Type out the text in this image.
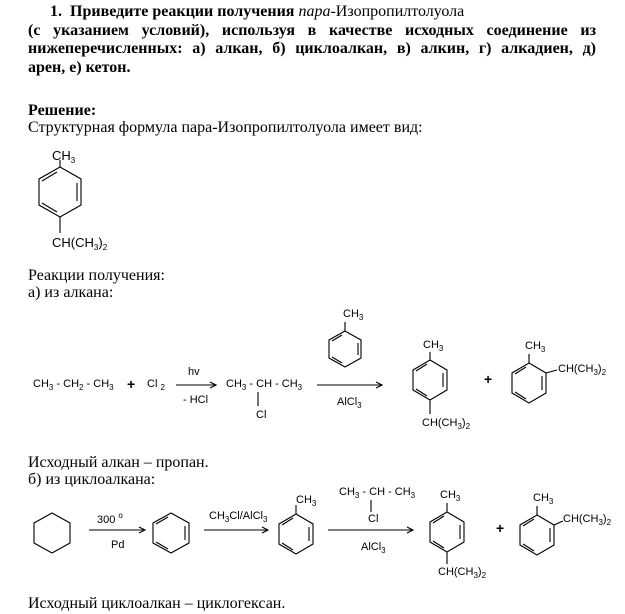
1. Приведите реакции получения пара-Изопропилтолуола
(с указанием условий), используя в качестве исходных соединение из
нижеперечисленных: а) алкан, б) циклоалкан, в) алкин, г) алкадиен, д)
арен, е) кетон.
Решение:
Структурная формула пара-Изопропилтолуола имеет вид:
Реакции получения:
а) из алкана:
Исходный алкан – пропан.
б) из циклоалкана:
Исходный циклоалкан – циклогексан.
$CH_3$
$CH(CH_3)_2$
$CH_3 - CH_2 - CH_3 + Cl$ $_2$
hv
- HCl
$CH_3$ - CH - $CH_3$
Cl
$CH_3$
AlCl$_3$
$CH_3$
$CH(CH_3)_2$
+
$CH_3$
$CH(CH_3)_2$
300 $^o$
Pd
$CH_3Cl/AlCl_3$
$CH_3$
$CH_3$ - CH - $CH_3$
Cl
AlCl$_3$
$CH_3$
$CH(CH_3)_2$
+
$CH_3$
$CH(CH_3)_2$
